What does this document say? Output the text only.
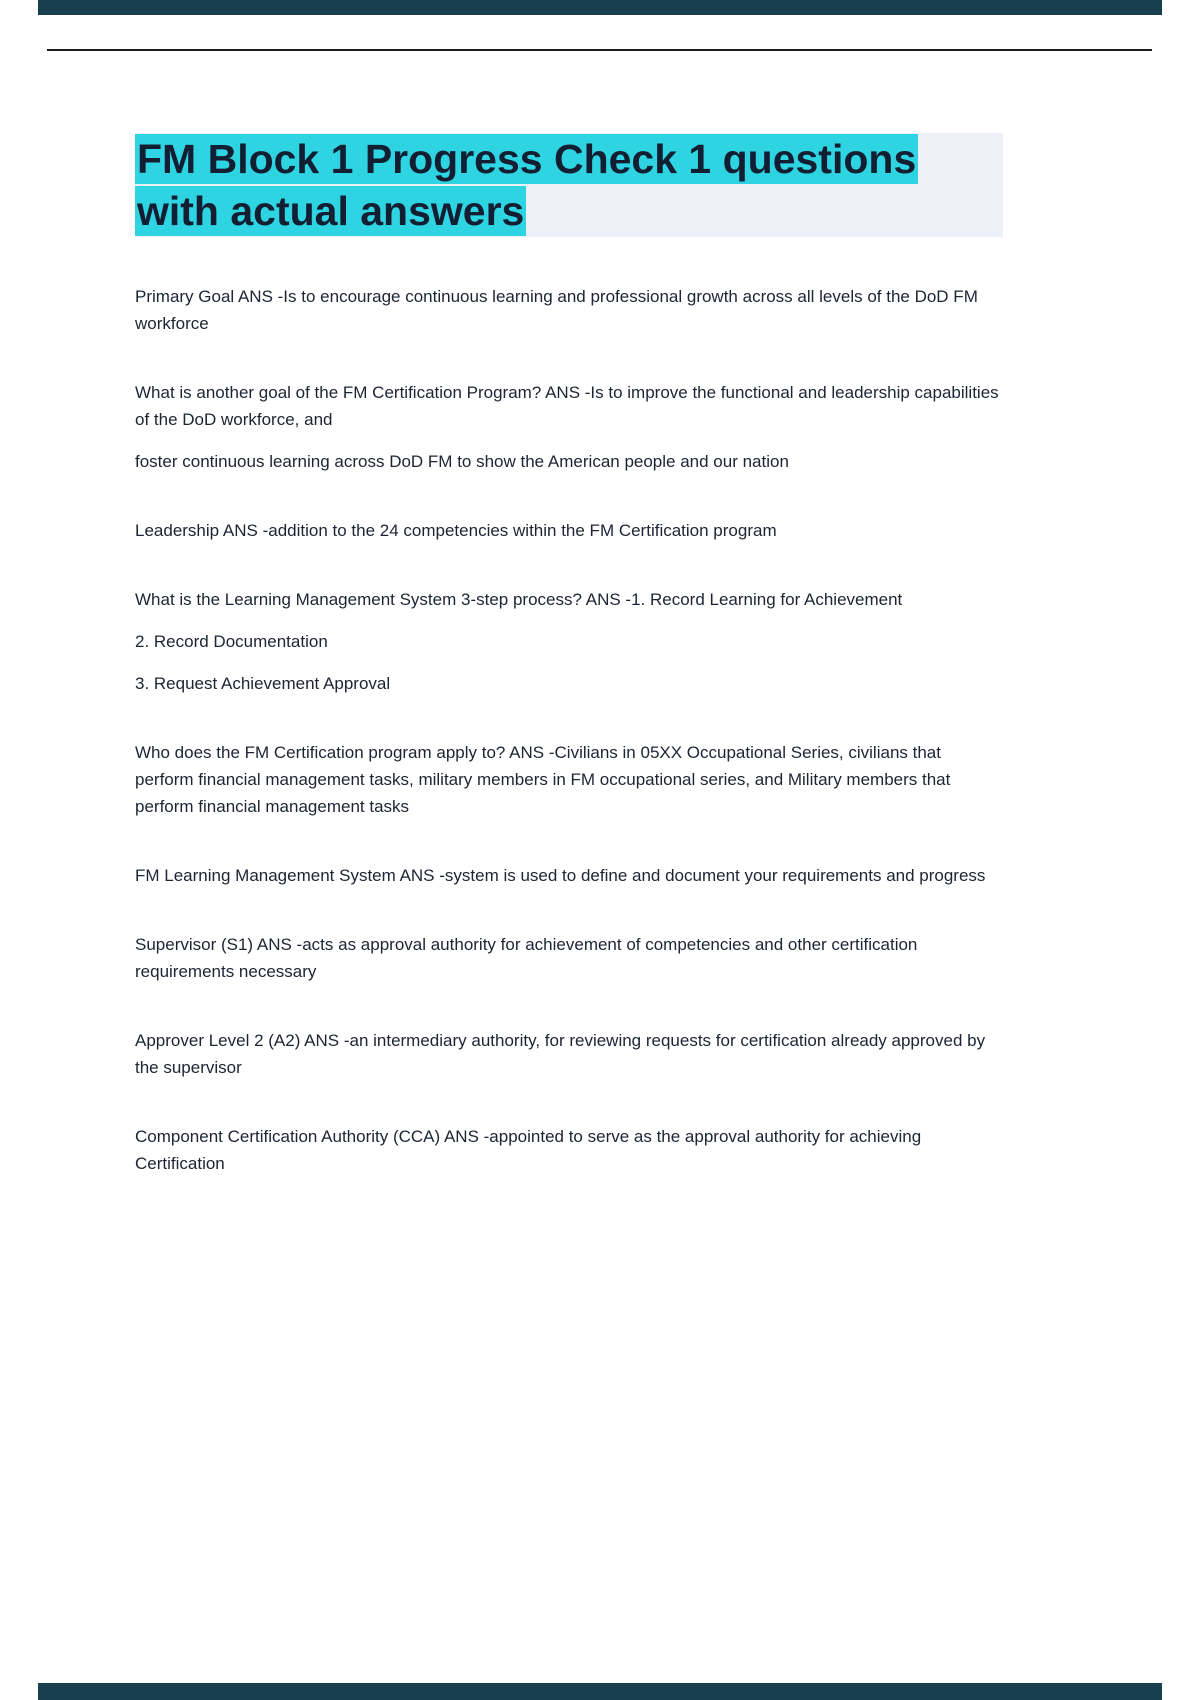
FM Block 1 Progress Check 1 questions
with actual answers

Primary Goal ANS -Is to encourage continuous learning and professional growth across all levels of the DoD FM workforce

What is another goal of the FM Certification Program? ANS -Is to improve the functional and leadership capabilities of the DoD workforce, and

foster continuous learning across DoD FM to show the American people and our nation

Leadership ANS -addition to the 24 competencies within the FM Certification program

What is the Learning Management System 3-step process? ANS -1. Record Learning for Achievement

2. Record Documentation

3. Request Achievement Approval

Who does the FM Certification program apply to? ANS -Civilians in 05XX Occupational Series, civilians that perform financial management tasks, military members in FM occupational series, and Military members that perform financial management tasks

FM Learning Management System ANS -system is used to define and document your requirements and progress

Supervisor (S1) ANS -acts as approval authority for achievement of competencies and other certification requirements necessary

Approver Level 2 (A2) ANS -an intermediary authority, for reviewing requests for certification already approved by the supervisor

Component Certification Authority (CCA) ANS -appointed to serve as the approval authority for achieving Certification
